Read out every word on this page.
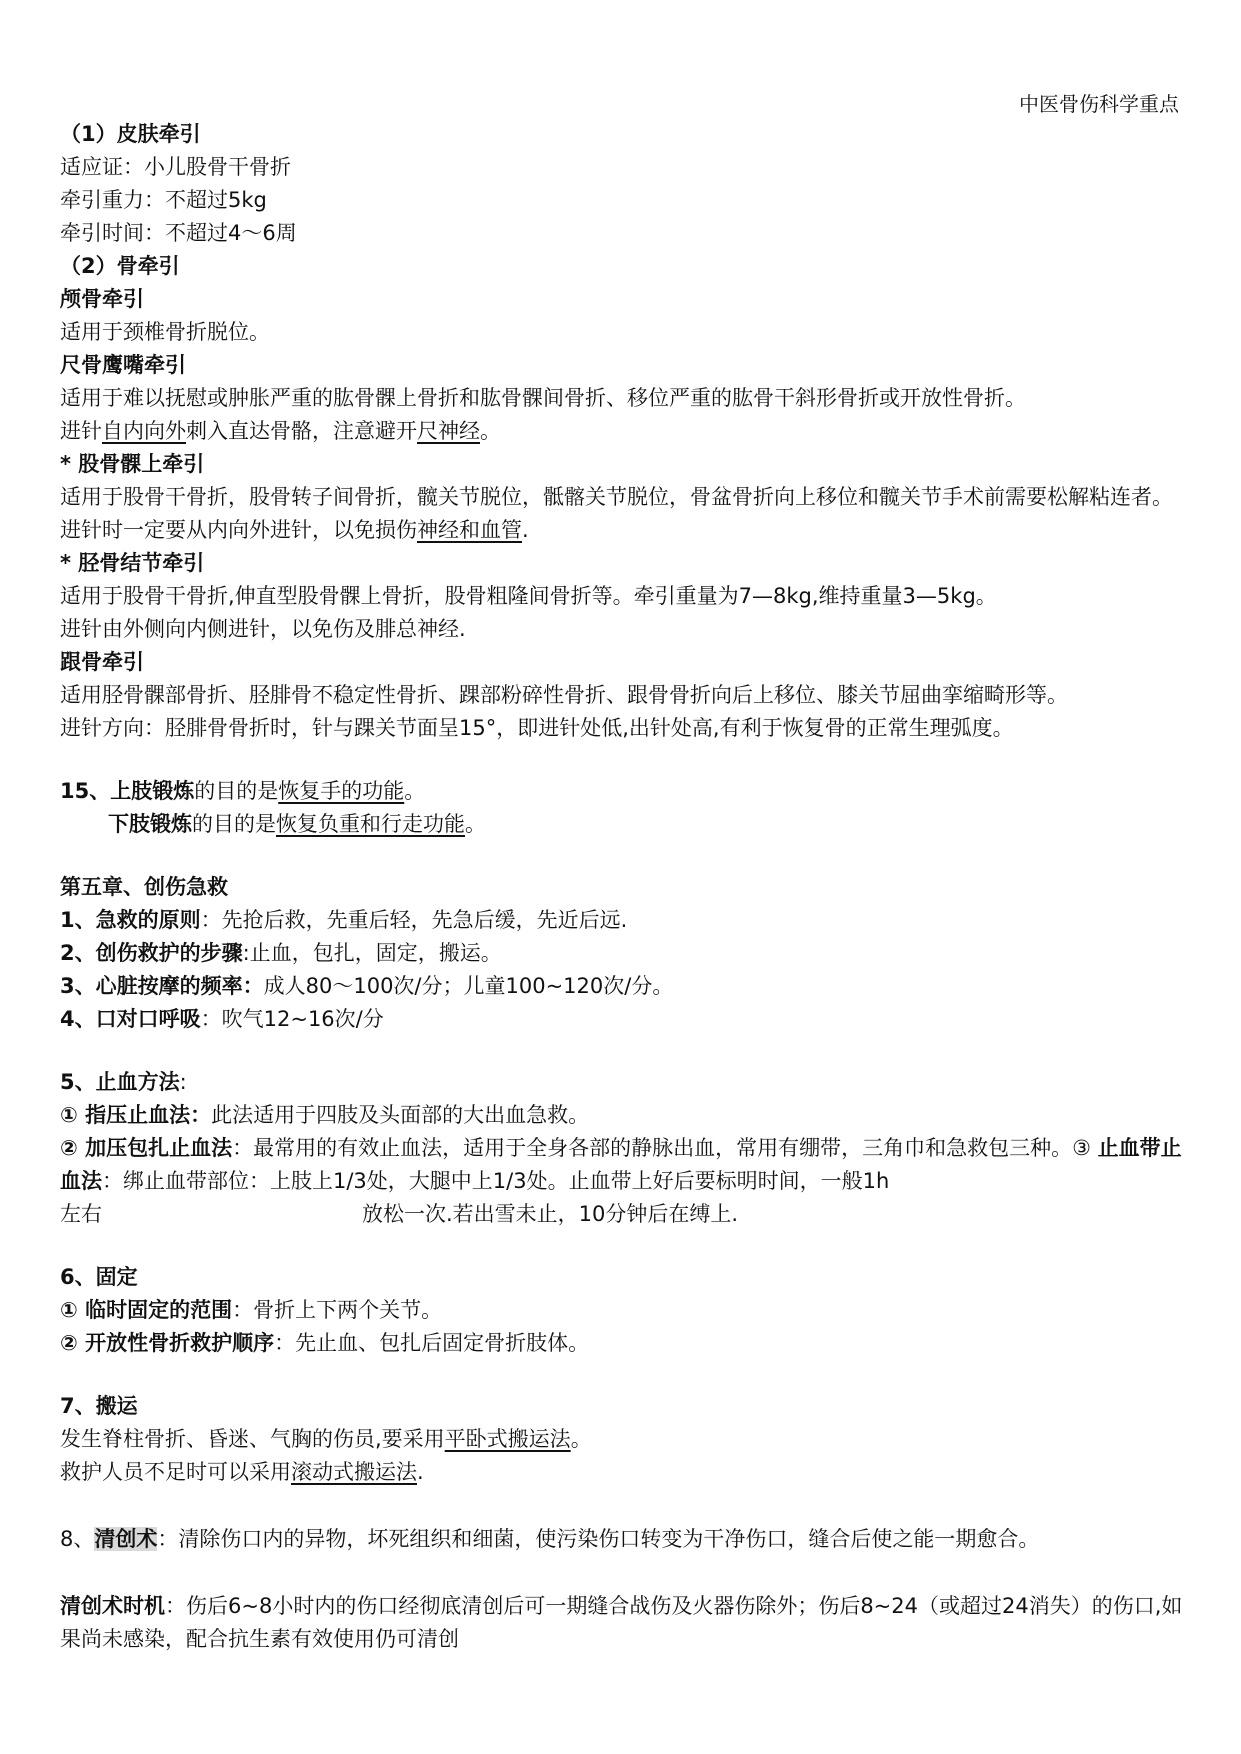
中医骨伤科学重点
（1）皮肤牵引
适应证：小儿股骨干骨折
牵引重力：不超过5kg
牵引时间：不超过4～6周
（2）骨牵引
颅骨牵引
适用于颈椎骨折脱位。
尺骨鹰嘴牵引
适用于难以抚慰或肿胀严重的肱骨髁上骨折和肱骨髁间骨折、移位严重的肱骨干斜形骨折或开放性骨折。
进针自内向外刺入直达骨骼，注意避开尺神经。
* 股骨髁上牵引
适用于股骨干骨折，股骨转子间骨折，髋关节脱位，骶髂关节脱位，骨盆骨折向上移位和髋关节手术前需要松解粘连者。
进针时一定要从内向外进针，以免损伤神经和血管.
* 胫骨结节牵引
适用于股骨干骨折,伸直型股骨髁上骨折，股骨粗隆间骨折等。牵引重量为7—8kg,维持重量3—5kg。
进针由外侧向内侧进针，以免伤及腓总神经.
跟骨牵引
适用胫骨髁部骨折、胫腓骨不稳定性骨折、踝部粉碎性骨折、跟骨骨折向后上移位、膝关节屈曲挛缩畸形等。
进针方向：胫腓骨骨折时，针与踝关节面呈15°，即进针处低,出针处高,有利于恢复骨的正常生理弧度。
15、上肢锻炼的目的是恢复手的功能。
下肢锻炼的目的是恢复负重和行走功能。
第五章、创伤急救
1、急救的原则：先抢后救，先重后轻，先急后缓，先近后远.
2、创伤救护的步骤:止血，包扎，固定，搬运。
3、心脏按摩的频率：成人80～100次/分；儿童100~120次/分。
4、口对口呼吸：吹气12~16次/分
5、止血方法:
① 指压止血法：此法适用于四肢及头面部的大出血急救。
② 加压包扎止血法：最常用的有效止血法，适用于全身各部的静脉出血，常用有绷带，三角巾和急救包三种。③ 止血带止血法：绑止血带部位：上肢上1/3处，大腿中上1/3处。止血带上好后要标明时间，一般1h
左右	放松一次.若出雪未止，10分钟后在缚上.
6、固定
① 临时固定的范围：骨折上下两个关节。
② 开放性骨折救护顺序：先止血、包扎后固定骨折肢体。
7、搬运
发生脊柱骨折、昏迷、气胸的伤员,要采用平卧式搬运法。
救护人员不足时可以采用滚动式搬运法.
8、清创术：清除伤口内的异物，坏死组织和细菌，使污染伤口转变为干净伤口，缝合后使之能一期愈合。
清创术时机：伤后6~8小时内的伤口经彻底清创后可一期缝合战伤及火器伤除外；伤后8~24（或超过24消失）的伤口,如果尚未感染，配合抗生素有效使用仍可清创
